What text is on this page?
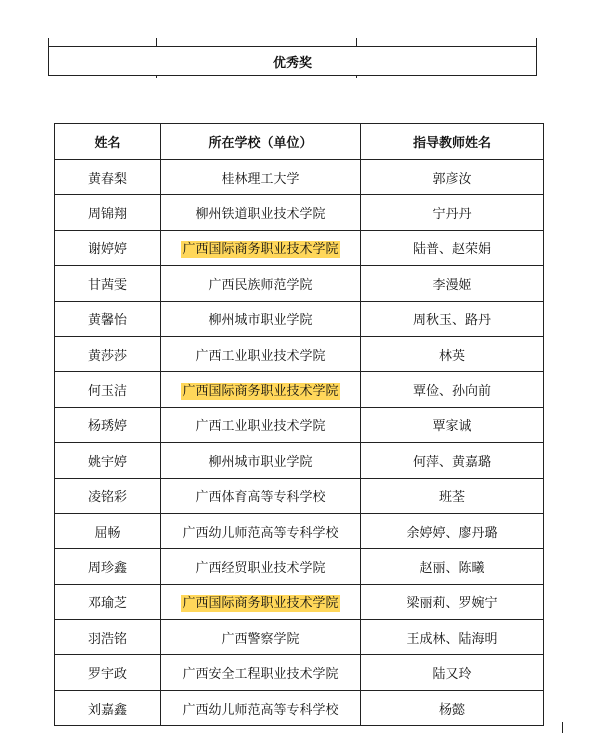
优秀奖
姓名	所在学校（单位）	指导教师姓名
黄春梨	桂林理工大学	郭彦汝
周锦翔	柳州铁道职业技术学院	宁丹丹
谢婷婷	广西国际商务职业技术学院	陆普、赵荣娟
甘茜雯	广西民族师范学院	李漫姬
黄馨怡	柳州城市职业学院	周秋玉、路丹
黄莎莎	广西工业职业技术学院	林英
何玉洁	广西国际商务职业技术学院	覃俭、孙向前
杨琇婷	广西工业职业技术学院	覃家诚
姚宇婷	柳州城市职业学院	何萍、黄嘉璐
凌铭彩	广西体育高等专科学校	班荃
屈畅	广西幼儿师范高等专科学校	余婷婷、廖丹璐
周珍鑫	广西经贸职业技术学院	赵丽、陈曦
邓瑜芝	广西国际商务职业技术学院	梁丽莉、罗婉宁
羽浩铭	广西警察学院	王成林、陆海明
罗宇政	广西安全工程职业技术学院	陆又玲
刘嘉鑫	广西幼儿师范高等专科学校	杨懿
